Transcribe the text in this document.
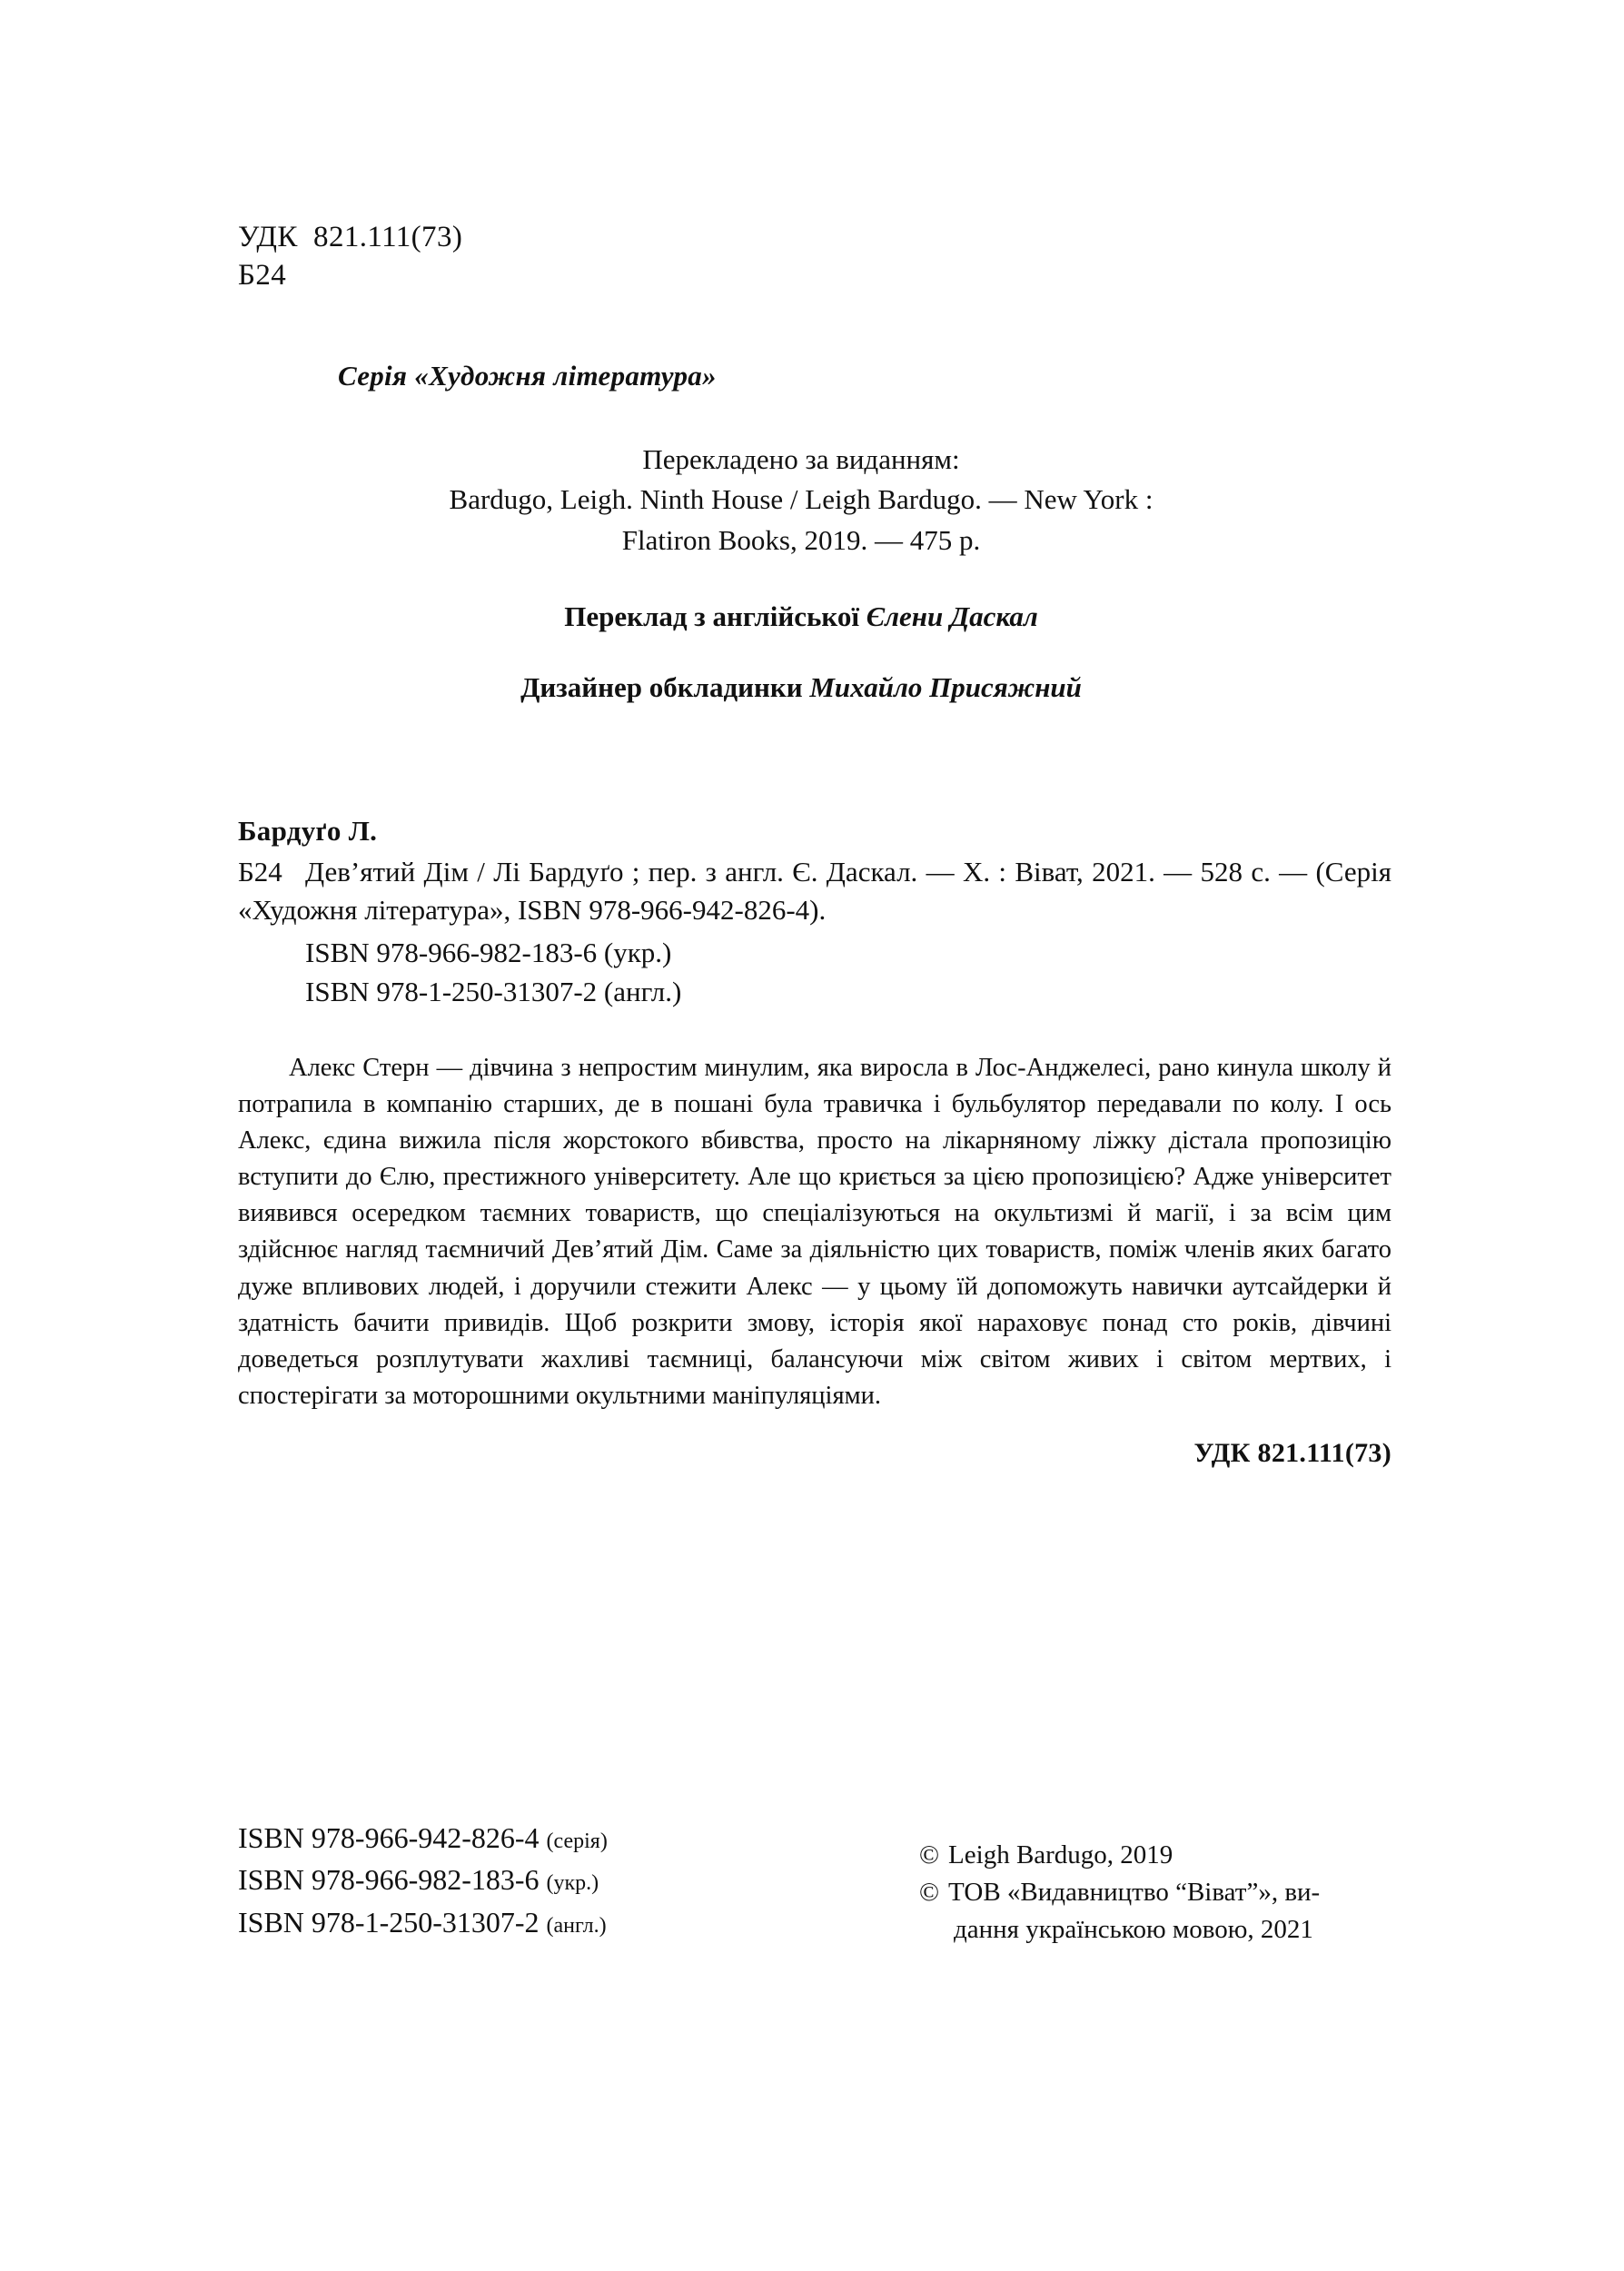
УДК  821.111(73)
Б24
Серія «Художня література»
Перекладено за виданням:
Bardugo, Leigh. Ninth House / Leigh Bardugo. — New York :
Flatiron Books, 2019. — 475 p.
Переклад з англійської Єлени Даскал
Дизайнер обкладинки Михайло Присяжний
Бардуґо Л.
Б24 Дев’ятий Дім / Лі Бардуґо ; пер. з англ. Є. Даскал. — Х. : Віват, 2021. — 528 с. — (Серія «Художня література», ISBN 978-966-942-826-4).
ISBN 978-966-982-183-6 (укр.)
ISBN 978-1-250-31307-2 (англ.)
Алекс Стерн — дівчина з непростим минулим, яка виросла в Лос-Анджелесі, рано кинула школу й потрапила в компанію старших, де в пошані була травичка і бульбулятор передавали по колу. І ось Алекс, єдина вижила після жорстокого вбивства, просто на лікарняному ліжку дістала пропозицію вступити до Єлю, престижного університету. Але що криється за цією пропозицією? Адже університет виявився осередком таємних товариств, що спеціалізуються на окультизмі й магії, і за всім цим здійснює нагляд таємничий Дев’ятий Дім. Саме за діяльністю цих товариств, поміж членів яких багато дуже впливових людей, і доручили стежити Алекс — у цьому їй допоможуть навички аутсайдерки й здатність бачити привидів. Щоб розкрити змову, історія якої нараховує понад сто років, дівчині доведеться розплутувати жахливі таємниці, балансуючи між світом живих і світом мертвих, і спостерігати за моторошними окультними маніпуляціями.
УДК 821.111(73)
ISBN 978-966-942-826-4 (серія)
ISBN 978-966-982-183-6 (укр.)
ISBN 978-1-250-31307-2 (англ.)
© Leigh Bardugo, 2019
© ТОВ «Видавництво “Віват”», ви-
дання українською мовою, 2021
